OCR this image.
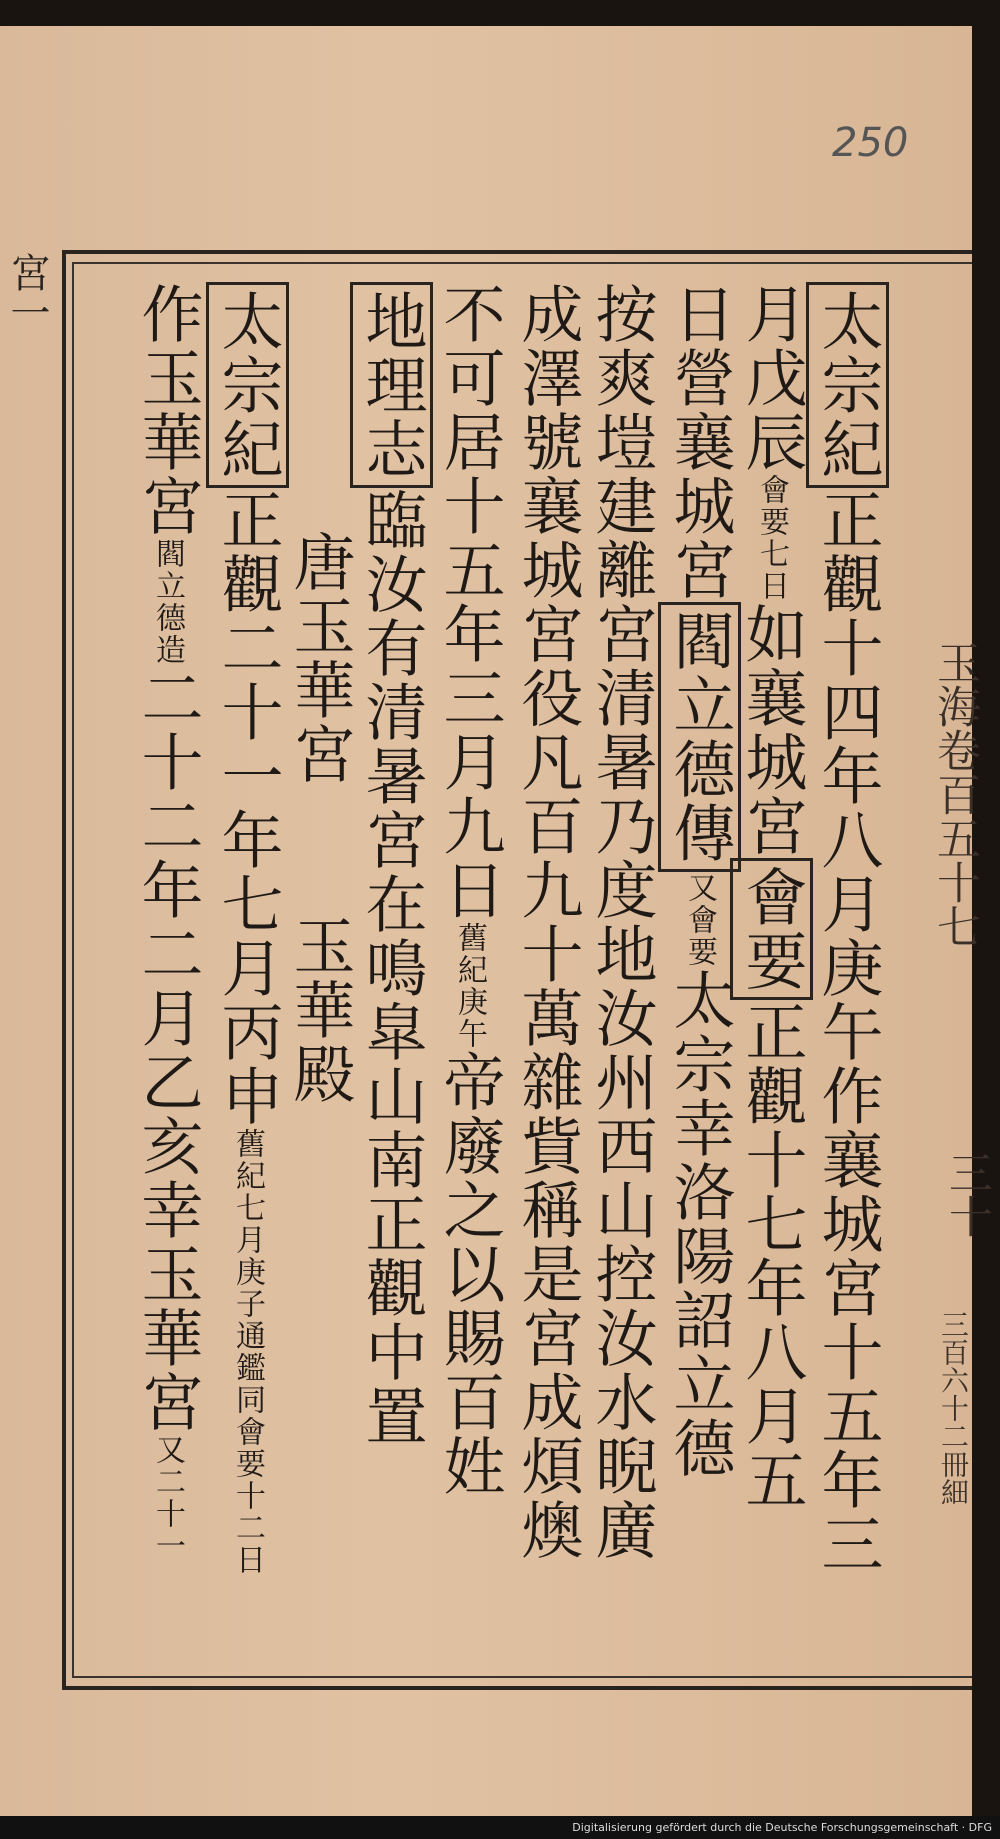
250
宮一
玉海卷百五十七
三十
三百六十二冊細
太宗紀正觀十四年八月庚午作襄城宮十五年三
月戊辰會要七日如襄城宮會要正觀十七年八月五
日營襄城宮閻立德傳又會要太宗幸洛陽詔立德
按爽塏建離宮清暑乃度地汝州西山控汝水睨廣
成澤號襄城宮役凡百九十萬雜貲稱是宮成煩燠
不可居十五年三月九日舊紀庚午帝廢之以賜百姓
地理志臨汝有清暑宮在鳴皐山南正觀中置
唐玉華宮　　玉華殿
太宗紀正觀二十一年七月丙申舊紀七月庚子通鑑同會要十二日
作玉華宮閻立德造二十二年二月乙亥幸玉華宮又二十一
Digitalisierung gefördert durch die Deutsche Forschungsgemeinschaft · DFG
